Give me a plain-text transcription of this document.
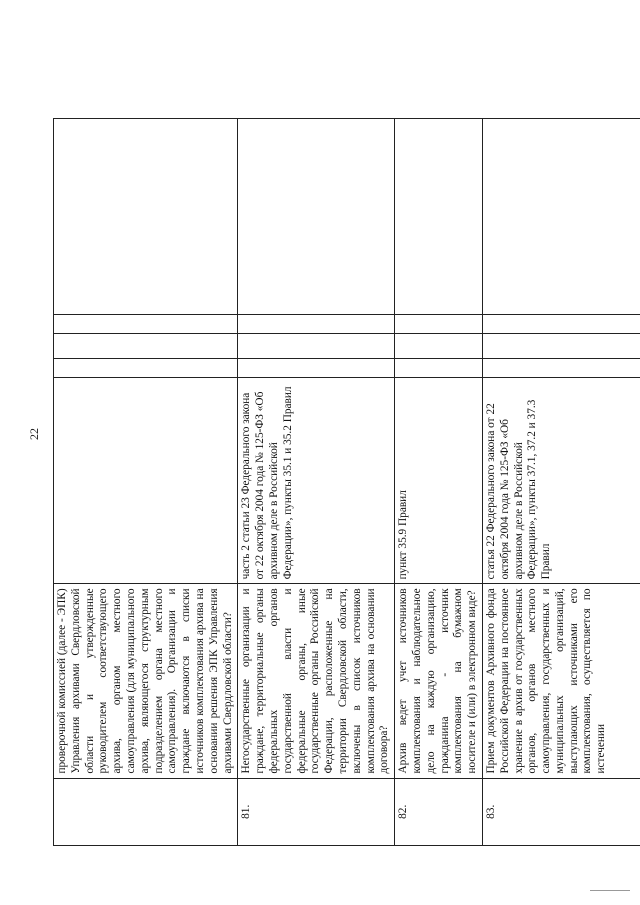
22
	проверочной комиссией (далее - ЭПК) Управления архивами Свердловской области и утвержденные руководителем соответствующего архива, органом местного самоуправления (для муниципального архива, являющегося структурным подразделением органа местного самоуправления). Организации и граждане включаются в списки источников комплектования архива на основании решения ЭПК Управления архивами Свердловской области?					
81.	Негосударственные организации и граждане, территориальные органы федеральных органов государственной власти и федеральные органы, иные государственные органы Российской Федерации, расположенные на территории Свердловской области, включены в список источников комплектования архива на основании договора?	часть 2 статьи 23 Федерального закона от 22 октября 2004 года № 125-ФЗ «Об архивном деле в Российской Федерации», пункты 35.1 и 35.2 Правил				
82.	Архив ведет учет источников комплектования и наблюдательное дело на каждую организацию, гражданина - источник комплектования на бумажном носителе и (или) в электронном виде?	пункт 35.9 Правил				
83.	Прием документов Архивного фонда Российской Федерации на постоянное хранение в архив от государственных органов, органов местного самоуправления, государственных и муниципальных организаций, выступающих источниками его комплектования, осуществляется по истечении	статья 22 Федерального закона от 22 октября 2004 года № 125-ФЗ «Об архивном деле в Российской Федерации», пункты 37.1, 37.2 и 37.3 Правил				
